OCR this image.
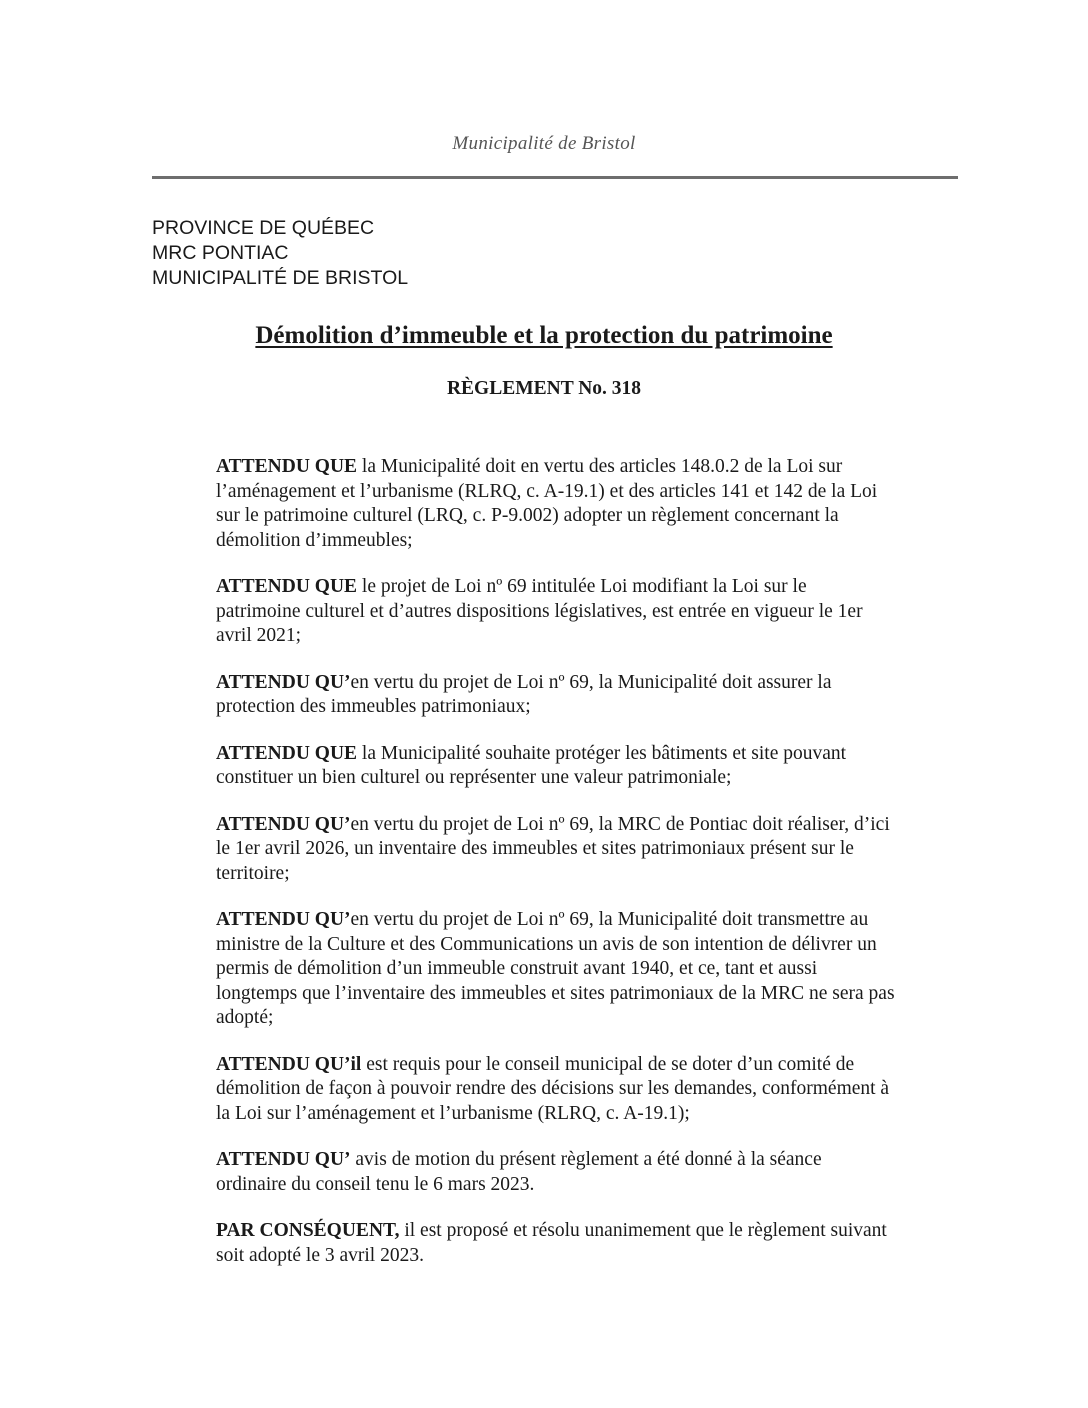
Municipalité de Bristol
PROVINCE DE QUÉBEC
MRC PONTIAC
MUNICIPALITÉ DE BRISTOL
Démolition d’immeuble et la protection du patrimoine
RÈGLEMENT No. 318

ATTENDU QUE la Municipalité doit en vertu des articles 148.0.2 de la Loi sur
l’aménagement et l’urbanisme (RLRQ, c. A-19.1) et des articles 141 et 142 de la Loi
sur le patrimoine culturel (LRQ, c. P-9.002) adopter un règlement concernant la
démolition d’immeubles;

ATTENDU QUE le projet de Loi nº 69 intitulée Loi modifiant la Loi sur le
patrimoine culturel et d’autres dispositions législatives, est entrée en vigueur le 1er
avril 2021;

ATTENDU QU’en vertu du projet de Loi nº 69, la Municipalité doit assurer la
protection des immeubles patrimoniaux;

ATTENDU QUE la Municipalité souhaite protéger les bâtiments et site pouvant
constituer un bien culturel ou représenter une valeur patrimoniale;

ATTENDU QU’en vertu du projet de Loi nº 69, la MRC de Pontiac doit réaliser, d’ici
le 1er avril 2026, un inventaire des immeubles et sites patrimoniaux présent sur le
territoire;

ATTENDU QU’en vertu du projet de Loi nº 69, la Municipalité doit transmettre au
ministre de la Culture et des Communications un avis de son intention de délivrer un
permis de démolition d’un immeuble construit avant 1940, et ce, tant et aussi
longtemps que l’inventaire des immeubles et sites patrimoniaux de la MRC ne sera pas
adopté;

ATTENDU QU’il est requis pour le conseil municipal de se doter d’un comité de
démolition de façon à pouvoir rendre des décisions sur les demandes, conformément à
la Loi sur l’aménagement et l’urbanisme (RLRQ, c. A-19.1);

ATTENDU QU’ avis de motion du présent règlement a été donné à la séance
ordinaire du conseil tenu le 6 mars 2023.

PAR CONSÉQUENT, il est proposé et résolu unanimement que le règlement suivant
soit adopté le 3 avril 2023.
